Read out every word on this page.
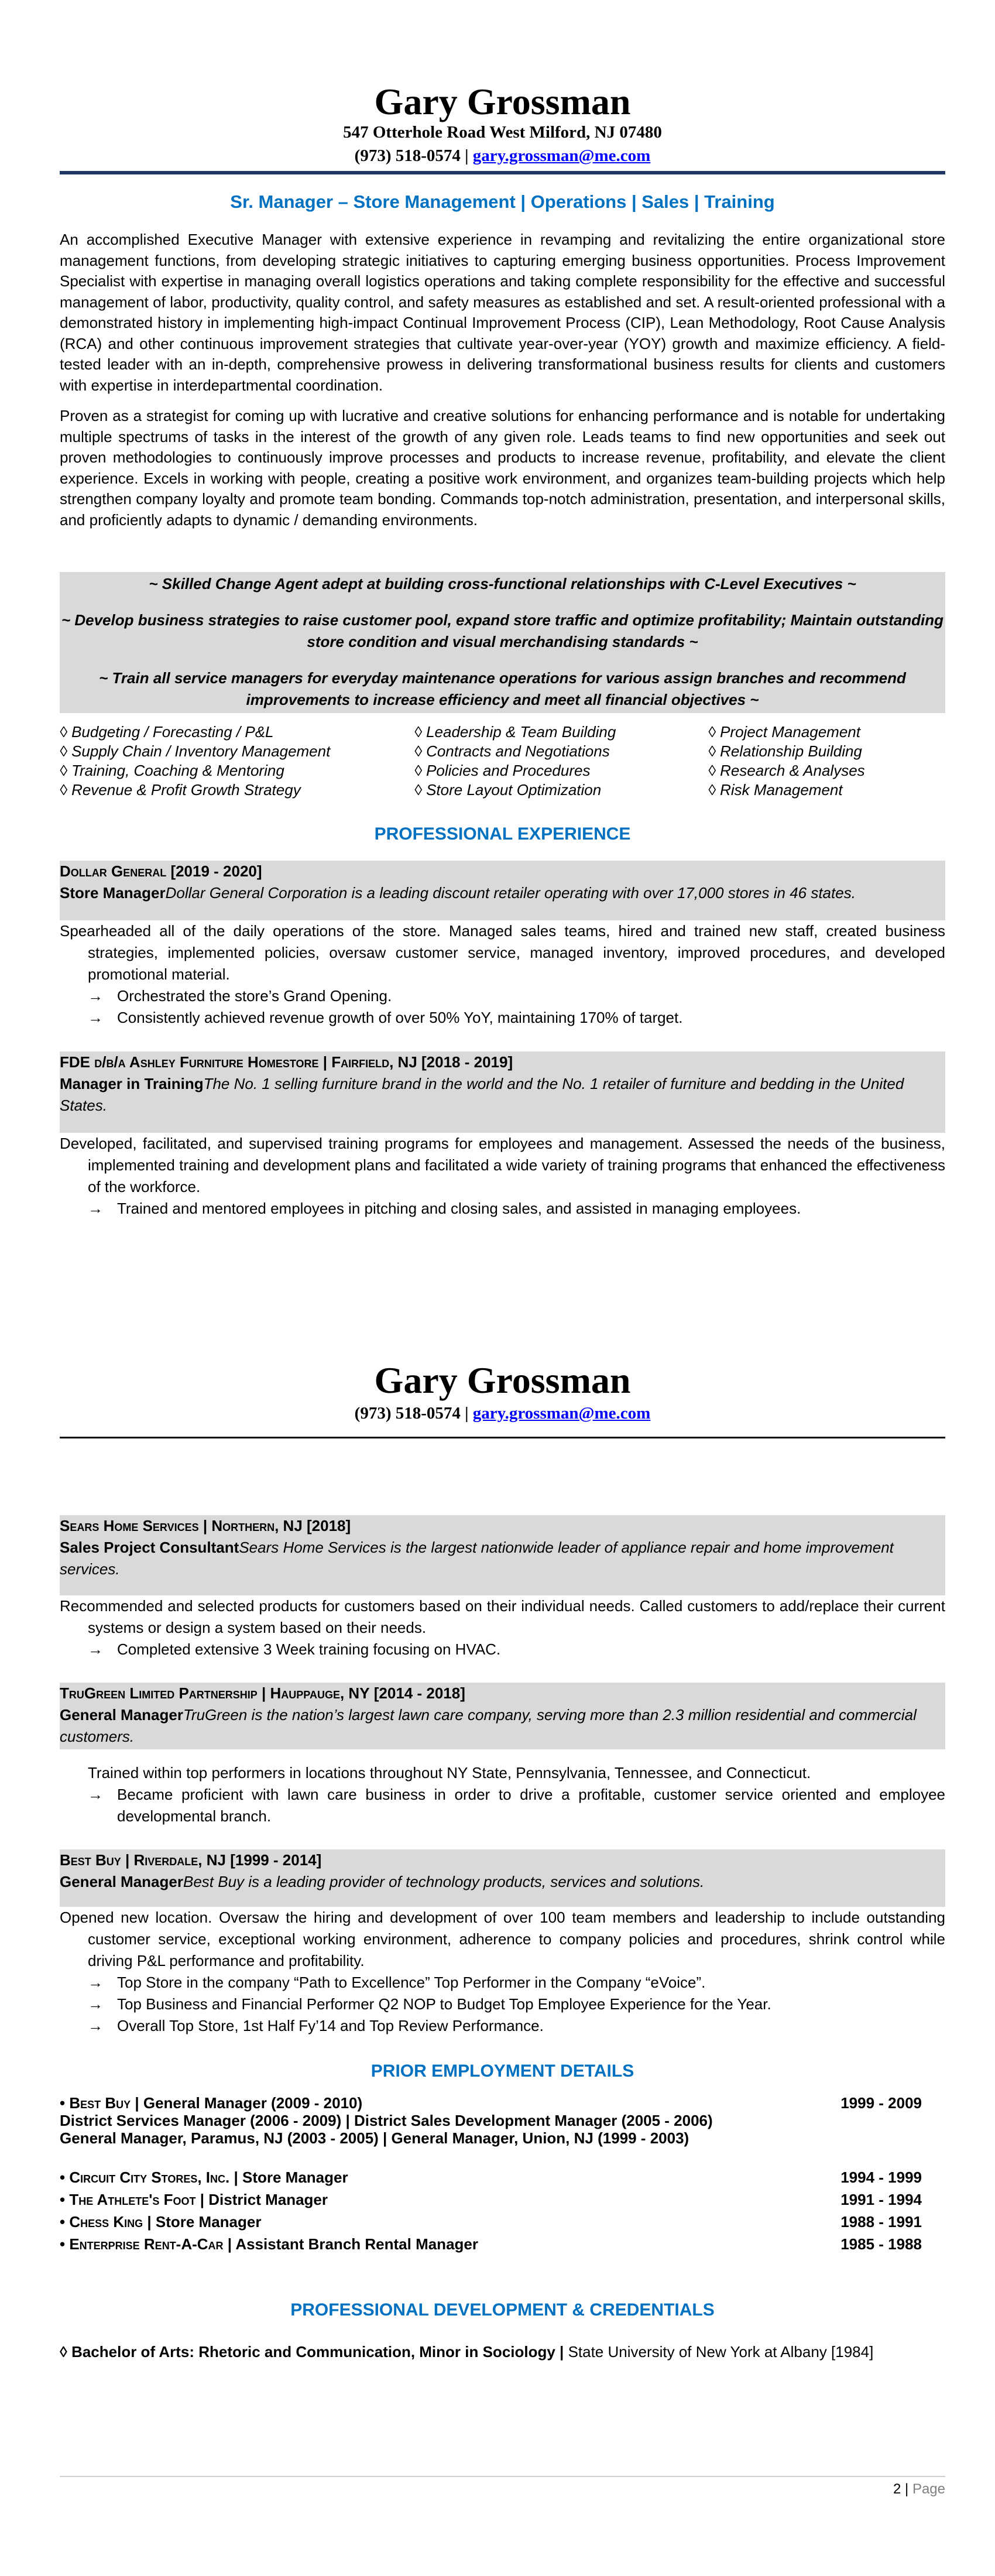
Gary Grossman
547 Otterhole Road West Milford, NJ 07480
(973) 518-0574 | gary.grossman@me.com
Sr. Manager – Store Management | Operations | Sales | Training
An accomplished Executive Manager with extensive experience in revamping and revitalizing the entire organizational store management functions, from developing strategic initiatives to capturing emerging business opportunities. Process Improvement Specialist with expertise in managing overall logistics operations and taking complete responsibility for the effective and successful management of labor, productivity, quality control, and safety measures as established and set. A result-oriented professional with a demonstrated history in implementing high-impact Continual Improvement Process (CIP), Lean Methodology, Root Cause Analysis (RCA) and other continuous improvement strategies that cultivate year-over-year (YOY) growth and maximize efficiency. A field-tested leader with an in-depth, comprehensive prowess in delivering transformational business results for clients and customers with expertise in interdepartmental coordination.
Proven as a strategist for coming up with lucrative and creative solutions for enhancing performance and is notable for undertaking multiple spectrums of tasks in the interest of the growth of any given role. Leads teams to find new opportunities and seek out proven methodologies to continuously improve processes and products to increase revenue, profitability, and elevate the client experience. Excels in working with people, creating a positive work environment, and organizes team-building projects which help strengthen company loyalty and promote team bonding. Commands top-notch administration, presentation, and interpersonal skills, and proficiently adapts to dynamic / demanding environments.

~ Skilled Change Agent adept at building cross-functional relationships with C-Level Executives ~

~ Develop business strategies to raise customer pool, expand store traffic and optimize profitability; Maintain outstanding store condition and visual merchandising standards ~

~ Train all service managers for everyday maintenance operations for various assign branches and recommend improvements to increase efficiency and meet all financial objectives ~

◊ Budgeting / Forecasting / P&L
◊ Supply Chain / Inventory Management
◊ Training, Coaching & Mentoring
◊ Revenue & Profit Growth Strategy
◊ Leadership & Team Building
◊ Contracts and Negotiations
◊ Policies and Procedures
◊ Store Layout Optimization
◊ Project Management
◊ Relationship Building
◊ Research & Analyses
◊ Risk Management
PROFESSIONAL EXPERIENCE
Dollar General [2019 - 2020]
Store ManagerDollar General Corporation is a leading discount retailer operating with over 17,000 stores in 46 states.

Spearheaded all of the daily operations of the store. Managed sales teams, hired and trained new staff, created business strategies, implemented policies, oversaw customer service, managed inventory, improved procedures, and developed promotional material.

→ Orchestrated the store’s Grand Opening.

→ Consistently achieved revenue growth of over 50% YoY, maintaining 170% of target.

FDE d/b/a Ashley Furniture Homestore | Fairfield, NJ [2018 - 2019]
Manager in TrainingThe No. 1 selling furniture brand in the world and the No. 1 retailer of furniture and bedding in the United States.

Developed, facilitated, and supervised training programs for employees and management. Assessed the needs of the business, implemented training and development plans and facilitated a wide variety of training programs that enhanced the effectiveness of the workforce.

→ Trained and mentored employees in pitching and closing sales, and assisted in managing employees.

Sears Home Services | Northern, NJ [2018]
Sales Project ConsultantSears Home Services is the largest nationwide leader of appliance repair and home improvement services.

Recommended and selected products for customers based on their individual needs. Called customers to add/replace their current systems or design a system based on their needs.

→ Completed extensive 3 Week training focusing on HVAC.

TruGreen Limited Partnership | Hauppauge, NY [2014 - 2018]
General ManagerTruGreen is the nation’s largest lawn care company, serving more than 2.3 million residential and commercial customers.

Trained within top performers in locations throughout NY State, Pennsylvania, Tennessee, and Connecticut.

→ Became proficient with lawn care business in order to drive a profitable, customer service oriented and employee developmental branch.

Best Buy | Riverdale, NJ [1999 - 2014]
General ManagerBest Buy is a leading provider of technology products, services and solutions.

Opened new location. Oversaw the hiring and development of over 100 team members and leadership to include outstanding customer service, exceptional working environment, adherence to company policies and procedures, shrink control while driving P&L performance and profitability.

→ Top Store in the company “Path to Excellence” Top Performer in the Company “eVoice”.

→ Top Business and Financial Performer Q2 NOP to Budget Top Employee Experience for the Year.

→ Overall Top Store, 1st Half Fy’14 and Top Review Performance.

Gary Grossman
(973) 518-0574 | gary.grossman@me.com
PRIOR EMPLOYMENT DETAILS
• Best Buy | General Manager (2009 - 2010)	1999 - 2009
District Services Manager (2006 - 2009) | District Sales Development Manager (2005 - 2006)
General Manager, Paramus, NJ (2003 - 2005) | General Manager, Union, NJ (1999 - 2003)
• Circuit City Stores, Inc. | Store Manager	1994 - 1999
• The Athlete's Foot | District Manager	1991 - 1994
• Chess King | Store Manager	1988 - 1991
• Enterprise Rent-A-Car | Assistant Branch Rental Manager	1985 - 1988
PROFESSIONAL DEVELOPMENT & CREDENTIALS
◊ Bachelor of Arts: Rhetoric and Communication, Minor in Sociology | State University of New York at Albany [1984]
2 | Page
